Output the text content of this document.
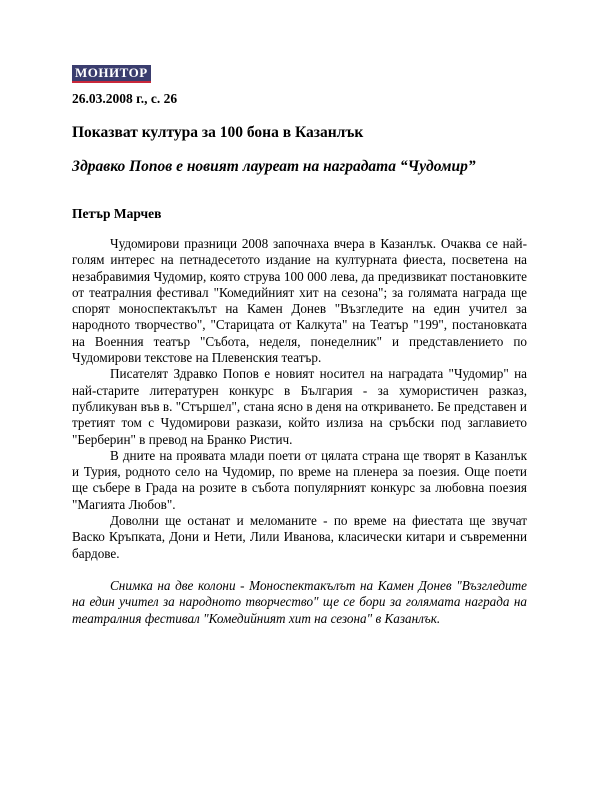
МОНИТОР
26.03.2008 г., с. 26
Показват култура за 100 бона в Казанлък
Здравко Попов е новият лауреат на наградата “Чудомир”
Петър Марчев

Чудомирови празници 2008 започнаха вчера в Казанлък. Очаква се най-голям интерес на петнадесетото издание на културната фиеста, посветена на незабравимия Чудомир, която струва 100 000 лева, да предизвикат постановките от театралния фестивал "Комедийният хит на сезона"; за голямата награда ще спорят моноспектакълът на Камен Донев "Възгледите на един учител за народното творчество", "Старицата от Калкута" на Театър "199", постановката на Военния театър "Събота, неделя, понеделник" и представлението по Чудомирови текстове на Плевенския театър.

Писателят Здравко Попов е новият носител на наградата "Чудомир" на най-старите литературен конкурс в България - за хумористичен разказ, публикуван във в. "Стършел", стана ясно в деня на откриването. Бе представен и третият том с Чудомирови разкази, който излиза на сръбски под заглавието "Берберин" в превод на Бранко Ристич.

В дните на проявата млади поети от цялата страна ще творят в Казанлък и Турия, родното село на Чудомир, по време на пленера за поезия. Още поети ще съберe в Града на розите в събота популярният конкурс за любовна поезия "Магията Любов".

Доволни ще останат и меломаните - по време на фиестата ще звучат Васко Кръпката, Дони и Нети, Лили Иванова, класически китари и съвременни бардове.

Снимка на две колони - Моноспектакълът на Камен Донев "Възгледите на един учител за народното творчество" ще се бори за голямата награда на театралния фестивал "Комедийният хит на сезона" в Казанлък.
